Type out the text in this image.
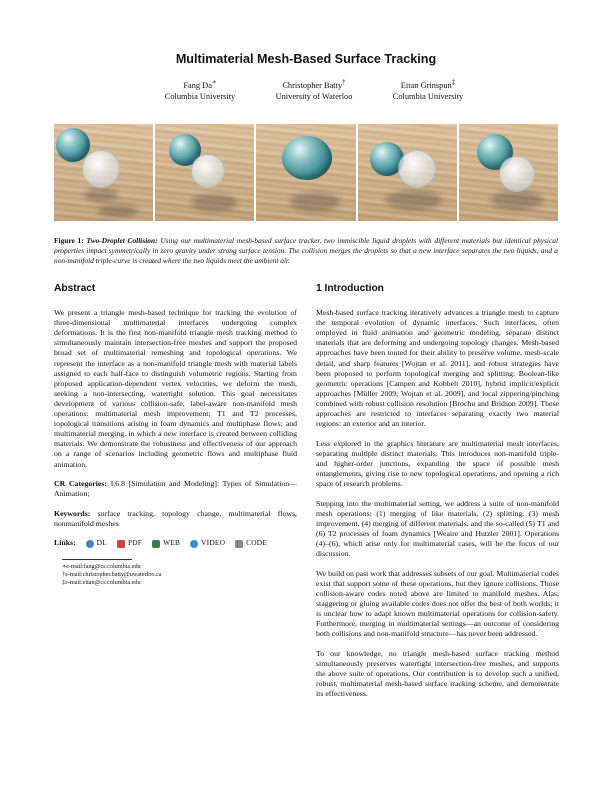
Multimaterial Mesh-Based Surface Tracking
Fang Da∗
Columbia University
Christopher Batty†
University of Waterloo
Eitan Grinspun‡
Columbia University
Figure 1: Two-Droplet Collision: Using our multimaterial mesh-based surface tracker, two immiscible liquid droplets with different materials but identical physical properties impact symmetrically in zero gravity under strong surface tension. The collision merges the droplets so that a new interface separates the two liquids, and a non-manifold triple-curve is created where the two liquids meet the ambient air.
Abstract

We present a triangle mesh-based technique for tracking the evolution of three-dimensional multimaterial interfaces undergoing complex deformations. It is the first non-manifold triangle mesh tracking method to simultaneously maintain intersection-free meshes and support the proposed broad set of multimaterial remeshing and topological operations. We represent the interface as a non-manifold triangle mesh with material labels assigned to each half-face to distinguish volumetric regions. Starting from proposed application-dependent vertex velocities, we deform the mesh, seeking a non-intersecting, watertight solution. This goal necessitates development of various collision-safe, label-aware non-manifold mesh operations: multimaterial mesh improvement; T1 and T2 processes, topological transitions arising in foam dynamics and multiphase flows; and multimaterial merging, in which a new interface is created between colliding materials. We demonstrate the robustness and effectiveness of our approach on a range of scenarios including geometric flows and multiphase fluid animation.

CR Categories: I.6.8 [Simulation and Modeling]: Types of Simulation—Animation;

Keywords: surface tracking, topology change, multimaterial flows, nonmanifold meshes

Links:	DL	PDF	WEB	VIDEO	CODE
∗e-mail:fang@cs.columbia.edu
†e-mail:christopher.batty@uwaterloo.ca
‡e-mail:eitan@cs.columbia.edu
1 Introduction

Mesh-based surface tracking iteratively advances a triangle mesh to capture the temporal evolution of dynamic interfaces. Such interfaces, often employed in fluid animation and geometric modeling, separate distinct materials that are deforming and undergoing topology changes. Mesh-based approaches have been touted for their ability to preserve volume, mesh-scale detail, and sharp features [Wojtan et al. 2011], and robust strategies have been proposed to perform topological merging and splitting: Boolean-like geometric operations [Campen and Kobbelt 2010], hybrid implicit/explicit approaches [Müller 2009; Wojtan et al. 2009], and local zippering/pinching combined with robust collision resolution [Brochu and Bridson 2009]. These approaches are restricted to interfaces separating exactly two material regions: an exterior and an interior.

Less explored in the graphics literature are multimaterial mesh interfaces, separating multiple distinct materials. This introduces non-manifold triple- and higher-order junctions, expanding the space of possible mesh entanglements, giving rise to new topological operations, and opening a rich space of research problems.

Stepping into the multimaterial setting, we address a suite of non-manifold mesh operations: (1) merging of like materials, (2) splitting, (3) mesh improvement, (4) merging of different materials, and the so-called (5) T1 and (6) T2 processes of foam dynamics [Weaire and Hutzler 2001]. Operations (4)–(6), which arise only for multimaterial cases, will be the focus of our discussion.

We build on past work that addresses subsets of our goal. Multimaterial codes exist that support some of these operations, but they ignore collisions. Those collision-aware codes noted above are limited to manifold meshes. Alas, staggering or gluing available codes does not offer the best of both worlds; it is unclear how to adapt known multimaterial operations for collision-safety. Furthermore, merging in multimaterial settings—an outcome of considering both collisions and non-manifold structure—has never been addressed.

To our knowledge, no triangle mesh-based surface tracking method simultaneously preserves watertight intersection-free meshes, and supports the above suite of operations. Our contribution is to develop such a unified, robust, multimaterial mesh-based surface tracking scheme, and demonstrate its effectiveness.
